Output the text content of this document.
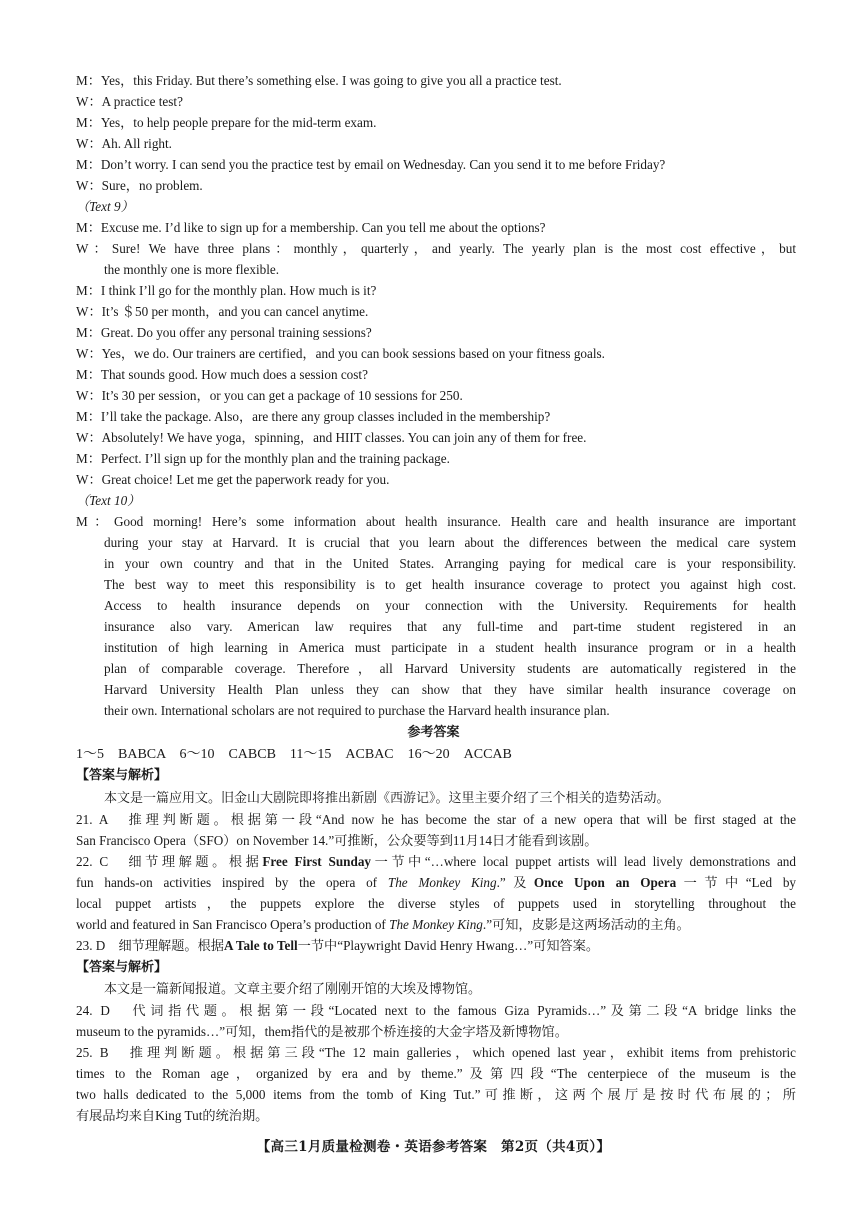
M：Yes，this Friday. But there’s something else. I was going to give you all a practice test.
W：A practice test?
M：Yes，to help people prepare for the mid-term exam.
W：Ah. All right.
M：Don’t worry. I can send you the practice test by email on Wednesday. Can you send it to me before Friday?
W：Sure，no problem.
（Text 9）
M：Excuse me. I’d like to sign up for a membership. Can you tell me about the options?
W：Sure! We have three plans：monthly，quarterly，and yearly. The yearly plan is the most cost effective，but
the monthly one is more flexible.
M：I think I’ll go for the monthly plan. How much is it?
W：It’s ＄50 per month，and you can cancel anytime.
M：Great. Do you offer any personal training sessions?
W：Yes，we do. Our trainers are certified，and you can book sessions based on your fitness goals.
M：That sounds good. How much does a session cost?
W：It’s 30 per session，or you can get a package of 10 sessions for 250.
M：I’ll take the package. Also，are there any group classes included in the membership?
W：Absolutely! We have yoga，spinning，and HIIT classes. You can join any of them for free.
M：Perfect. I’ll sign up for the monthly plan and the training package.
W：Great choice! Let me get the paperwork ready for you.
（Text 10）
M：Good morning! Here’s some information about health insurance. Health care and health insurance are important
during your stay at Harvard. It is crucial that you learn about the differences between the medical care system
in your own country and that in the United States. Arranging paying for medical care is your responsibility.
The best way to meet this responsibility is to get health insurance coverage to protect you against high cost.
Access to health insurance depends on your connection with the University. Requirements for health
insurance also vary. American law requires that any full-time and part-time student registered in an
institution of high learning in America must participate in a student health insurance program or in a health
plan of comparable coverage. Therefore，all Harvard University students are automatically registered in the
Harvard University Health Plan unless they can show that they have similar health insurance coverage on
their own. International scholars are not required to purchase the Harvard health insurance plan.
参考答案
1～5　BABCA　6～10　CABCB　11～15　ACBAC　16～20　ACCAB
【答案与解析】
本文是一篇应用文。旧金山大剧院即将推出新剧《西游记》。这里主要介绍了三个相关的造势活动。
21. A　推理判断题。根据第一段“And now he has become the star of a new opera that will be first staged at the
San Francisco Opera（SFO）on November 14.”可推断，公众要等到11月14日才能看到该剧。
22. C　细节理解题。根据Free First Sunday一节中“…where local puppet artists will lead lively demonstrations and
fun hands-on activities inspired by the opera of The Monkey King.”及Once Upon an Opera一节中“Led by
local puppet artists，the puppets explore the diverse styles of puppets used in storytelling throughout the
world and featured in San Francisco Opera’s production of The Monkey King.”可知，皮影是这两场活动的主角。
23. D　细节理解题。根据A Tale to Tell一节中“Playwright David Henry Hwang…”可知答案。
【答案与解析】
本文是一篇新闻报道。文章主要介绍了刚刚开馆的大埃及博物馆。
24. D　代词指代题。根据第一段“Located next to the famous Giza Pyramids…”及第二段“A bridge links the
museum to the pyramids…”可知，them指代的是被那个桥连接的大金字塔及新博物馆。
25. B　推理判断题。根据第三段“The 12 main galleries，which opened last year，exhibit items from prehistoric
times to the Roman age，organized by era and by theme.”及第四段“The centerpiece of the museum is the
two halls dedicated to the 5,000 items from the tomb of King Tut.”可推断，这两个展厅是按时代布展的；所
有展品均来自King Tut的统治期。
【高三1月质量检测卷・英语参考答案　第2页（共4页）】
